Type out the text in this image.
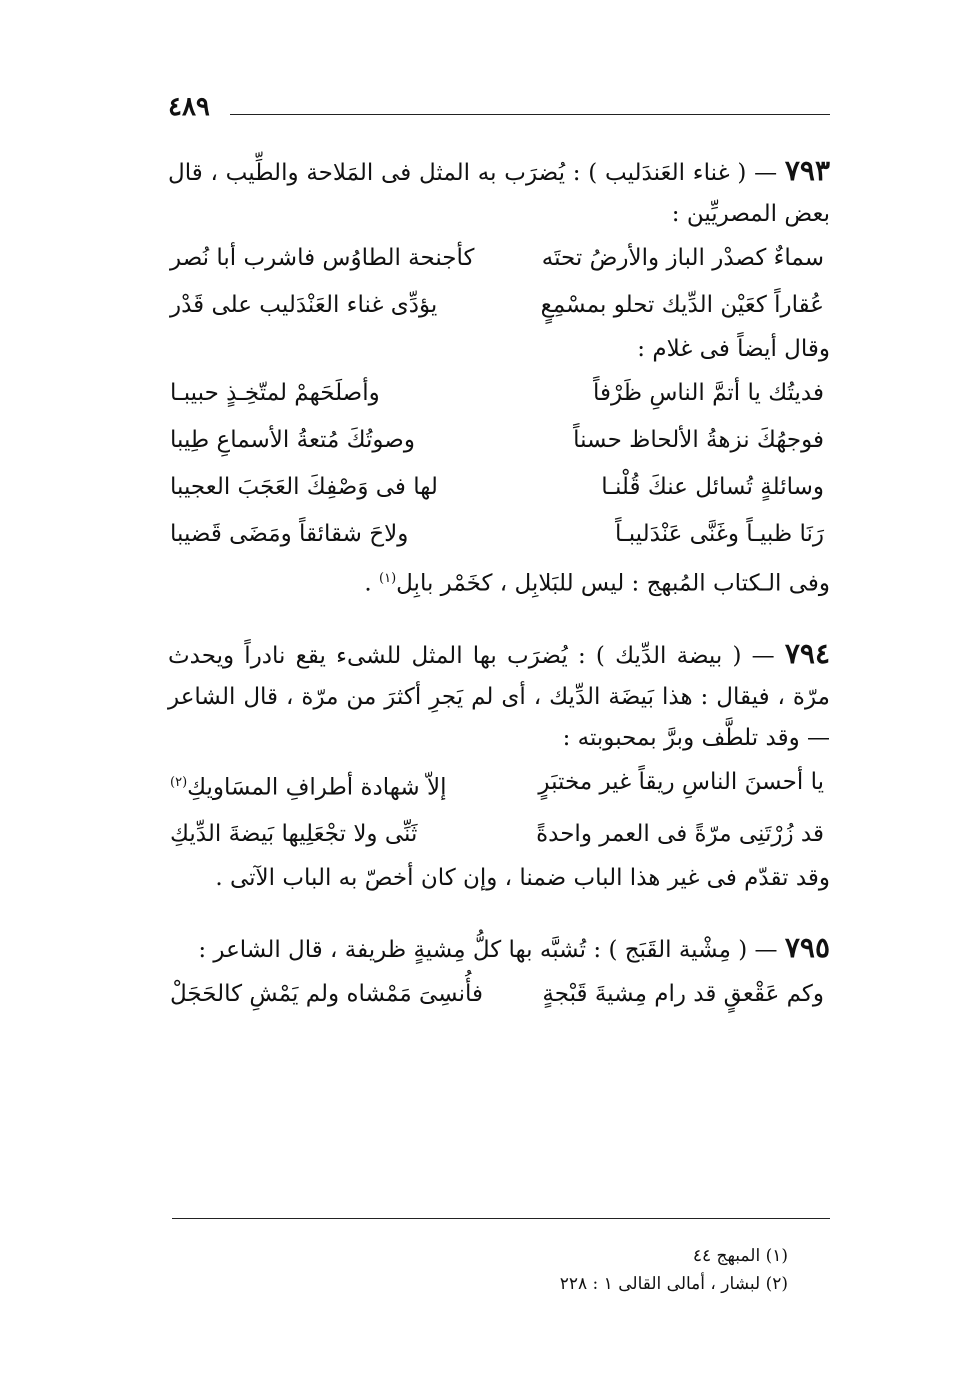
٤٨٩

٧٩٣ — ( غناء العَندَليب ) : يُضرَب به المثل فى المَلاحة والطِّيب ، قال بعض المصريِّين :

سماءٌ كصدْر الباز والأرضُ تحتَه
كأجنحة الطاوُس فاشرب أبا نُصر
عُقاراً كعَيْن الدِّيك تحلو بمسْمِعٍ
يؤدِّى غناء العَنْدَليب على قَدْر

وقال أيضاً فى غلام :

فديتُك يا أتمَّ الناسِ ظَرْفاً
وأصلَحَهمْ لمتّخِـذٍ حبيبـا
فوجهُكَ نزهةُ الألحاظ حسناً
وصوتُكَ مُتعةُ الأسماعِ طِيبا
وسائلةٍ تُسائل عنكَ قُلْنـا
لها فى وَصْفِكَ العَجَبَ العجيبا
رَنَا ظبيـاً وغَنَّى عَنْدَليبـاً
ولاحَ شقائقاً ومَضَى قَضيبا

وفى الـكتاب المُبهج : ليس للبَلابِل ، كخَمْر بابِل$^{(١)}$ .

٧٩٤ — ( بيضة الدِّيك ) : يُضرَب بها المثل للشىء يقع نادراً ويحدث مرّة ، فيقال : هذا بَيضَة الدِّيك ، أى لم يَجرِ أكثرَ من مرّة ، قال الشاعر — وقد تلطَّف وبرَّ بمحبوبته :

يا أحسنَ الناسِ ريقاً غير مختبَرٍ
إلاّ شهادة أطرافِ المسَاويكِ$^{(٢)}$
قد زُرْتَنِى مرّةً فى العمر واحدةً
ثَنِّى ولا تجْعَلِيها بَيضةَ الدِّيكِ

وقد تقدّم فى غير هذا الباب ضمنا ، وإن كان أخصّ به الباب الآتى .

٧٩٥ — ( مِشْية القَبَج ) : تُشبَّه بها كلُّ مِشيةٍ ظريفة ، قال الشاعر :

وكم عَقْعقٍ قد رام مِشيةَ قَبْجةٍ
فأُنسِىَ مَمْشاه ولم يَمْشِ كالحَجَلْ
(١) المبهج ٤٤
(٢) لبشار ، أمالى القالى ١ : ٢٢٨
